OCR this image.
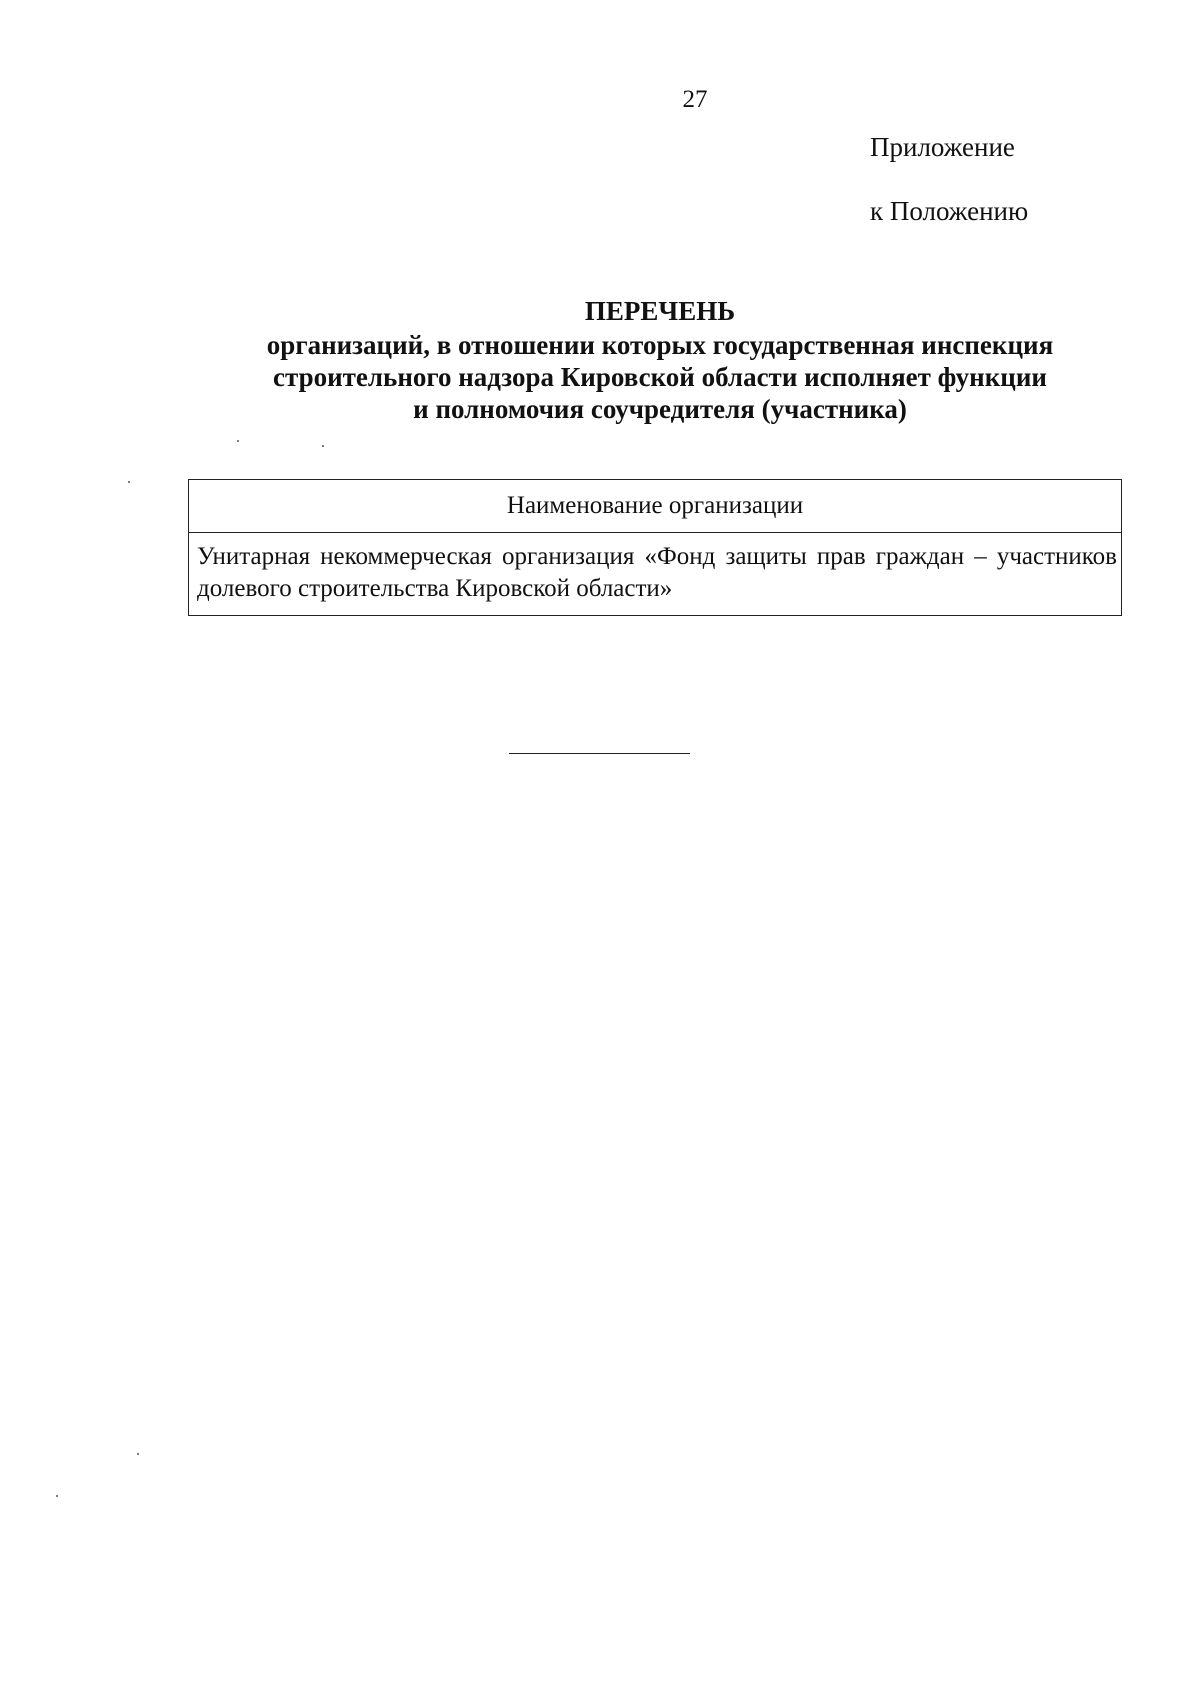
27
Приложение
к Положению
ПЕРЕЧЕНЬ
организаций, в отношении которых государственная инспекция
строительного надзора Кировской области исполняет функции
и полномочия соучредителя (участника)
Наименование организации
Унитарная некоммерческая организация «Фонд защиты прав граждан – участников долевого строительства Кировской области»
